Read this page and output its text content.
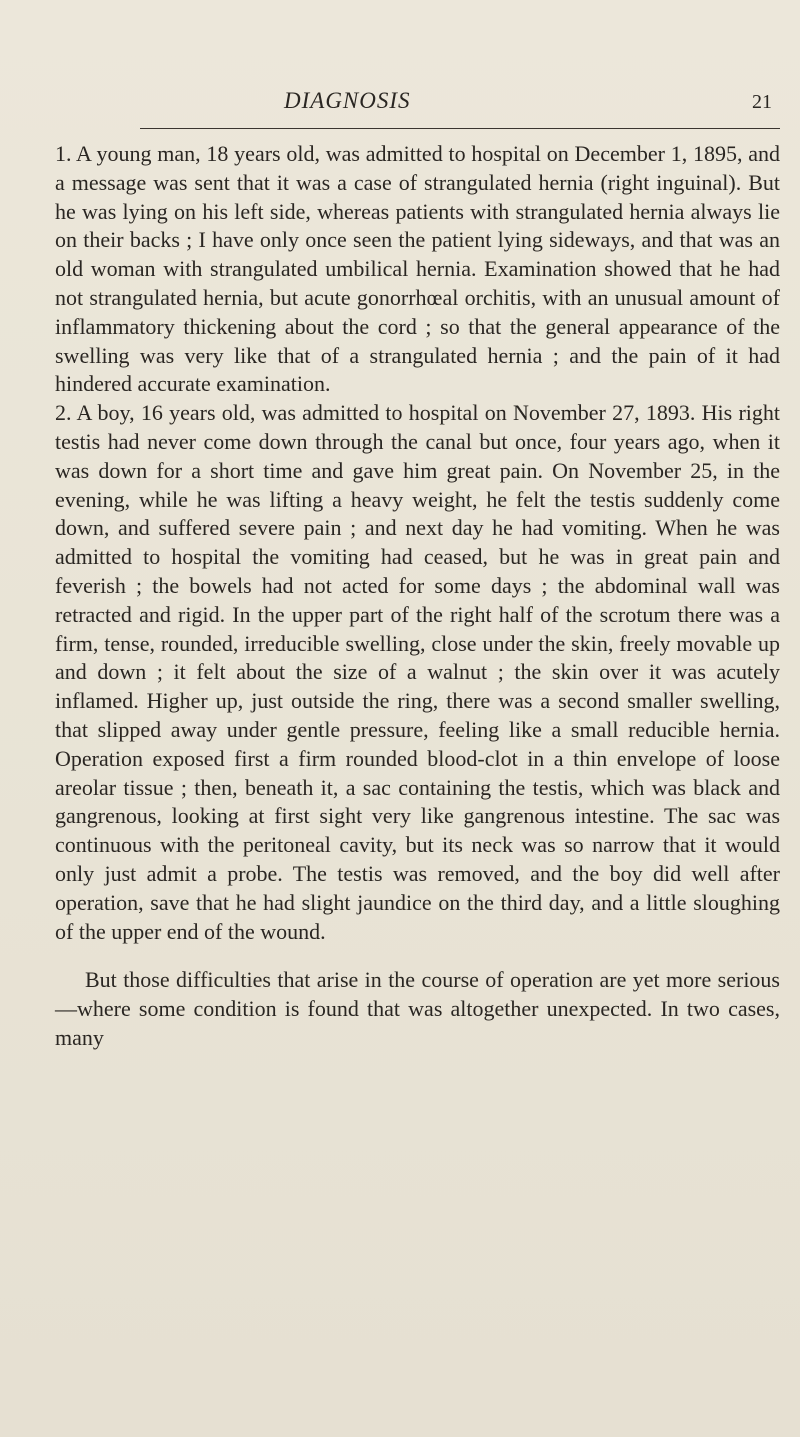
DIAGNOSIS	21

1. A young man, 18 years old, was admitted to hospital on December 1, 1895, and a message was sent that it was a case of strangulated hernia (right inguinal). But he was lying on his left side, whereas patients with strangulated hernia always lie on their backs ; I have only once seen the patient lying sideways, and that was an old woman with strangulated umbilical hernia. Examination showed that he had not strangulated hernia, but acute gonorrhœal orchitis, with an unusual amount of inflammatory thickening about the cord ; so that the general appearance of the swelling was very like that of a strangulated hernia ; and the pain of it had hindered accurate examination.

2. A boy, 16 years old, was admitted to hospital on November 27, 1893. His right testis had never come down through the canal but once, four years ago, when it was down for a short time and gave him great pain. On November 25, in the evening, while he was lifting a heavy weight, he felt the testis suddenly come down, and suffered severe pain ; and next day he had vomiting. When he was admitted to hospital the vomiting had ceased, but he was in great pain and feverish ; the bowels had not acted for some days ; the abdominal wall was retracted and rigid. In the upper part of the right half of the scrotum there was a firm, tense, rounded, irreducible swelling, close under the skin, freely movable up and down ; it felt about the size of a walnut ; the skin over it was acutely inflamed. Higher up, just outside the ring, there was a second smaller swelling, that slipped away under gentle pressure, feeling like a small reducible hernia. Operation exposed first a firm rounded blood-clot in a thin envelope of loose areolar tissue ; then, beneath it, a sac containing the testis, which was black and gangrenous, looking at first sight very like gangrenous intestine. The sac was continuous with the peritoneal cavity, but its neck was so narrow that it would only just admit a probe. The testis was removed, and the boy did well after operation, save that he had slight jaundice on the third day, and a little sloughing of the upper end of the wound.

But those difficulties that arise in the course of operation are yet more serious—where some condition is found that was altogether unexpected. In two cases, many
